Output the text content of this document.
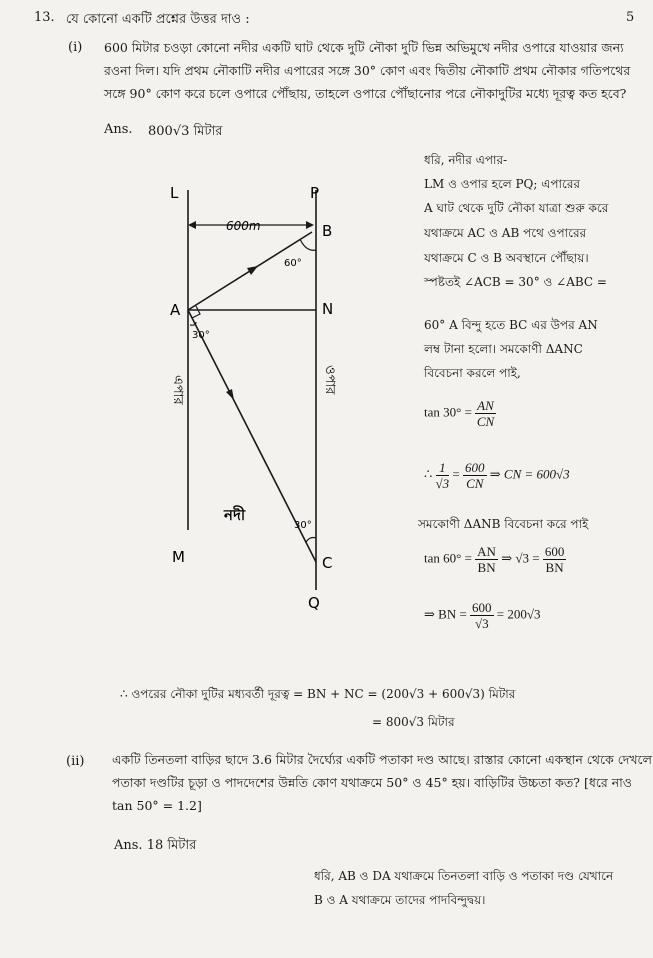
13. যে কোনো একটি প্রশ্নের উত্তর দাও :	5
(i) 600 মিটার চওড়া কোনো নদীর একটি ঘাট থেকে দুটি নৌকা দুটি ভিন্ন অভিমুখে নদীর ওপারে যাওয়ার জন্য
রওনা দিল। যদি প্রথম নৌকাটি নদীর এপারের সঙ্গে 30° কোণ এবং দ্বিতীয় নৌকাটি প্রথম নৌকার গতিপথের
সঙ্গে 90° কোণ করে চলে ওপারে পৌঁছায়, তাহলে ওপারে পৌঁছানোর পরে নৌকাদুটির মধ্যে দূরত্ব কত হবে?
Ans. 800√3 মিটার
L	P
M
Q
A
B
N
C
600m
60°
30°
30°
এপার	ওপার
নদী
ধরি, নদীর এপার-
LM ও ওপার হলে PQ; এপারের
A ঘাট থেকে দুটি নৌকা যাত্রা শুরু করে
যথাক্রমে AC ও AB পথে ওপারের
যথাক্রমে C ও B অবস্থানে পৌঁছায়।
স্পষ্টতই ∠ACB = 30° ও ∠ABC =
60° A বিন্দু হতে BC এর উপর AN
লম্ব টানা হলো। সমকোণী ΔANC
বিবেচনা করলে পাই,
$\tan 30^\circ = \frac{AN}{CN}$
∴ $\frac{1}{√3} = \frac{600}{CN}$ ⇒ CN = 600√3
সমকোণী ΔANB বিবেচনা করে পাই
$\tan 60^\circ = \frac{AN}{BN}$ ⇒ $√3 = \frac{600}{BN}$
⇒ BN = $\frac{600}{√3} = 200√3$
∴ ওপরের নৌকা দুটির মধ্যবর্তী দূরত্ব = BN + NC = (200√3 + 600√3) মিটার
= 800√3 মিটার
(ii) একটি তিনতলা বাড়ির ছাদে 3.6 মিটার দৈর্ঘ্যের একটি পতাকা দণ্ড আছে। রাস্তার কোনো একস্থান থেকে দেখলে
পতাকা দণ্ডটির চূড়া ও পাদদেশের উন্নতি কোণ যথাক্রমে 50° ও 45° হয়। বাড়িটির উচ্চতা কত? [ধরে নাও
tan 50° = 1.2]
Ans. 18 মিটার
ধরি, AB ও DA যথাক্রমে তিনতলা বাড়ি ও পতাকা দণ্ড যেখানে
B ও A যথাক্রমে তাদের পাদবিন্দুদ্বয়।
